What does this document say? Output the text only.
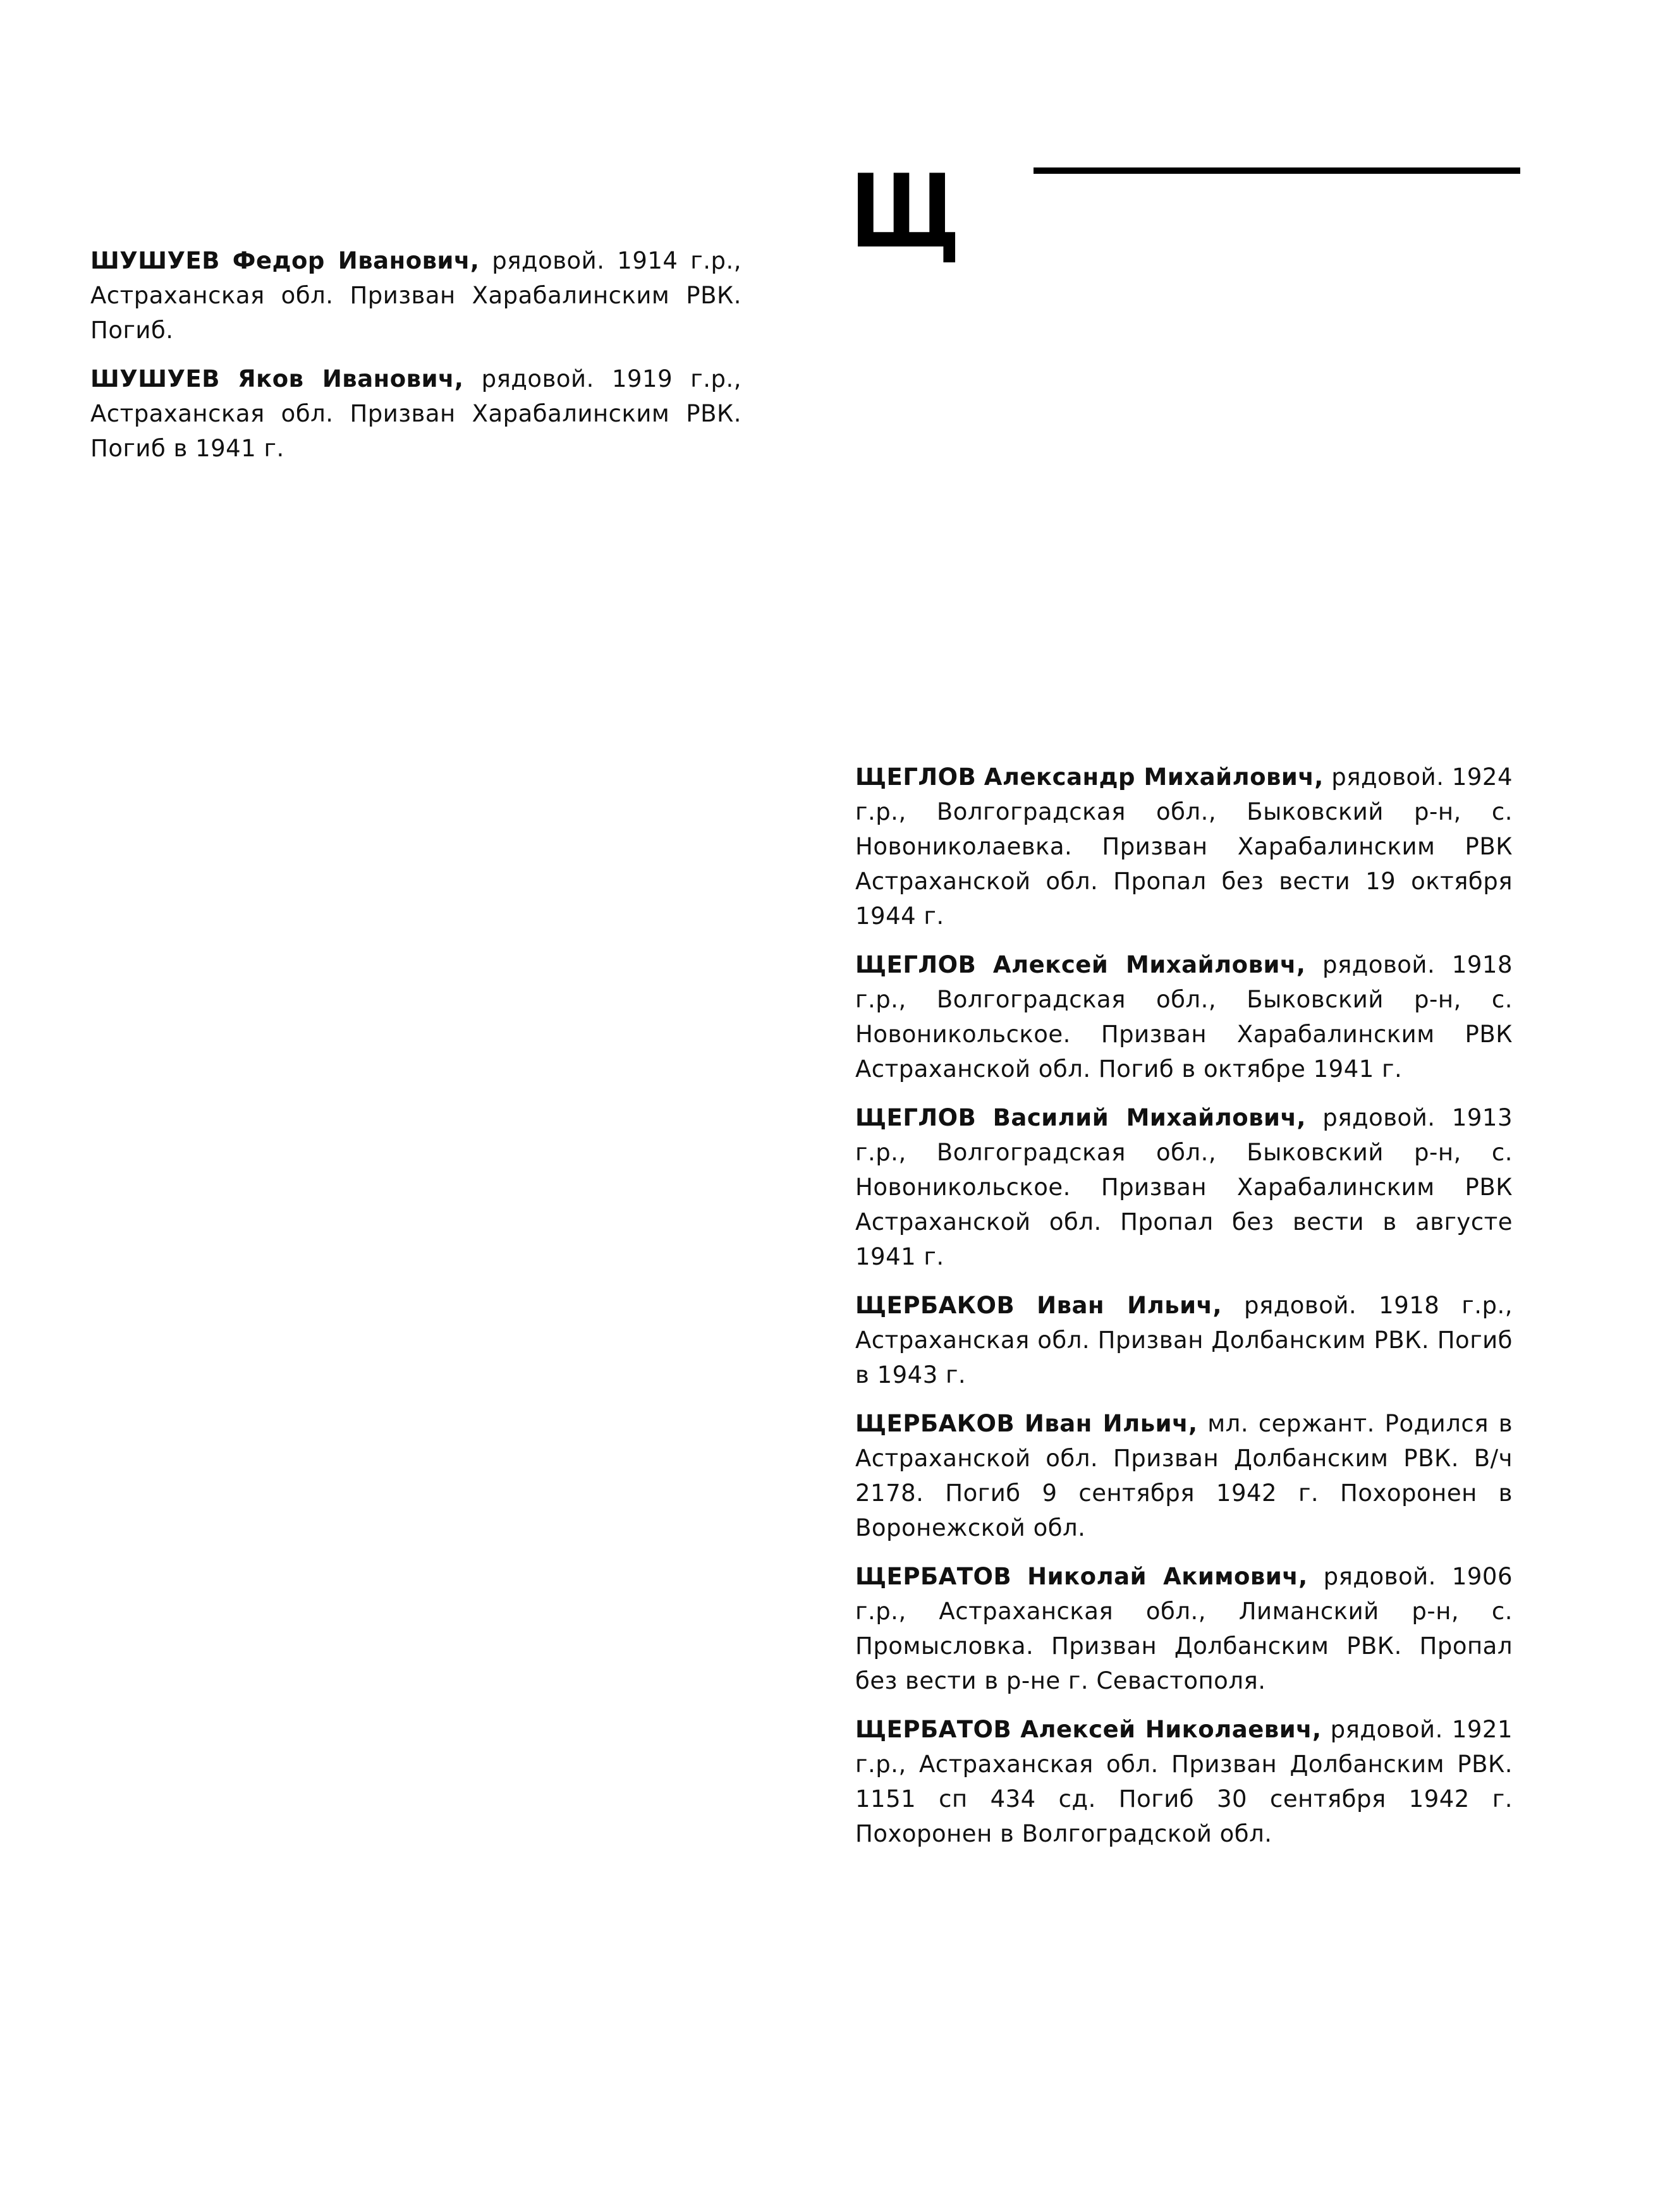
Щ

ШУШУЕВ Федор Иванович, рядовой. 1914 г.р., Астраханская обл. Призван Харабалинским РВК. Погиб.

ШУШУЕВ Яков Иванович, рядовой. 1919 г.р., Астраханская обл. Призван Харабалинским РВК. Погиб в 1941 г.

ЩЕГЛОВ Александр Михайлович, рядовой. 1924 г.р., Волгоградская обл., Быковский р-н, с. Новониколаевка. Призван Харабалинским РВК Астраханской обл. Пропал без вести 19 октября 1944 г.

ЩЕГЛОВ Алексей Михайлович, рядовой. 1918 г.р., Волгоградская обл., Быковский р-н, с. Новоникольское. Призван Харабалинским РВК Астраханской обл. Погиб в октябре 1941 г.

ЩЕГЛОВ Василий Михайлович, рядовой. 1913 г.р., Волгоградская обл., Быковский р-н, с. Новоникольское. Призван Харабалинским РВК Астраханской обл. Пропал без вести в августе 1941 г.

ЩЕРБАКОВ Иван Ильич, рядовой. 1918 г.р., Астраханская обл. Призван Долбанским РВК. Погиб в 1943 г.

ЩЕРБАКОВ Иван Ильич, мл. сержант. Родился в Астраханской обл. Призван Долбанским РВК. В/ч 2178. Погиб 9 сентября 1942 г. Похоронен в Воронежской обл.

ЩЕРБАТОВ Николай Акимович, рядовой. 1906 г.р., Астраханская обл., Лиманский р-н, с. Промысловка. Призван Долбанским РВК. Пропал без вести в р-не г. Севастополя.

ЩЕРБАТОВ Алексей Николаевич, рядовой. 1921 г.р., Астраханская обл. Призван Долбанским РВК. 1151 сп 434 сд. Погиб 30 сентября 1942 г. Похоронен в Волгоградской обл.
